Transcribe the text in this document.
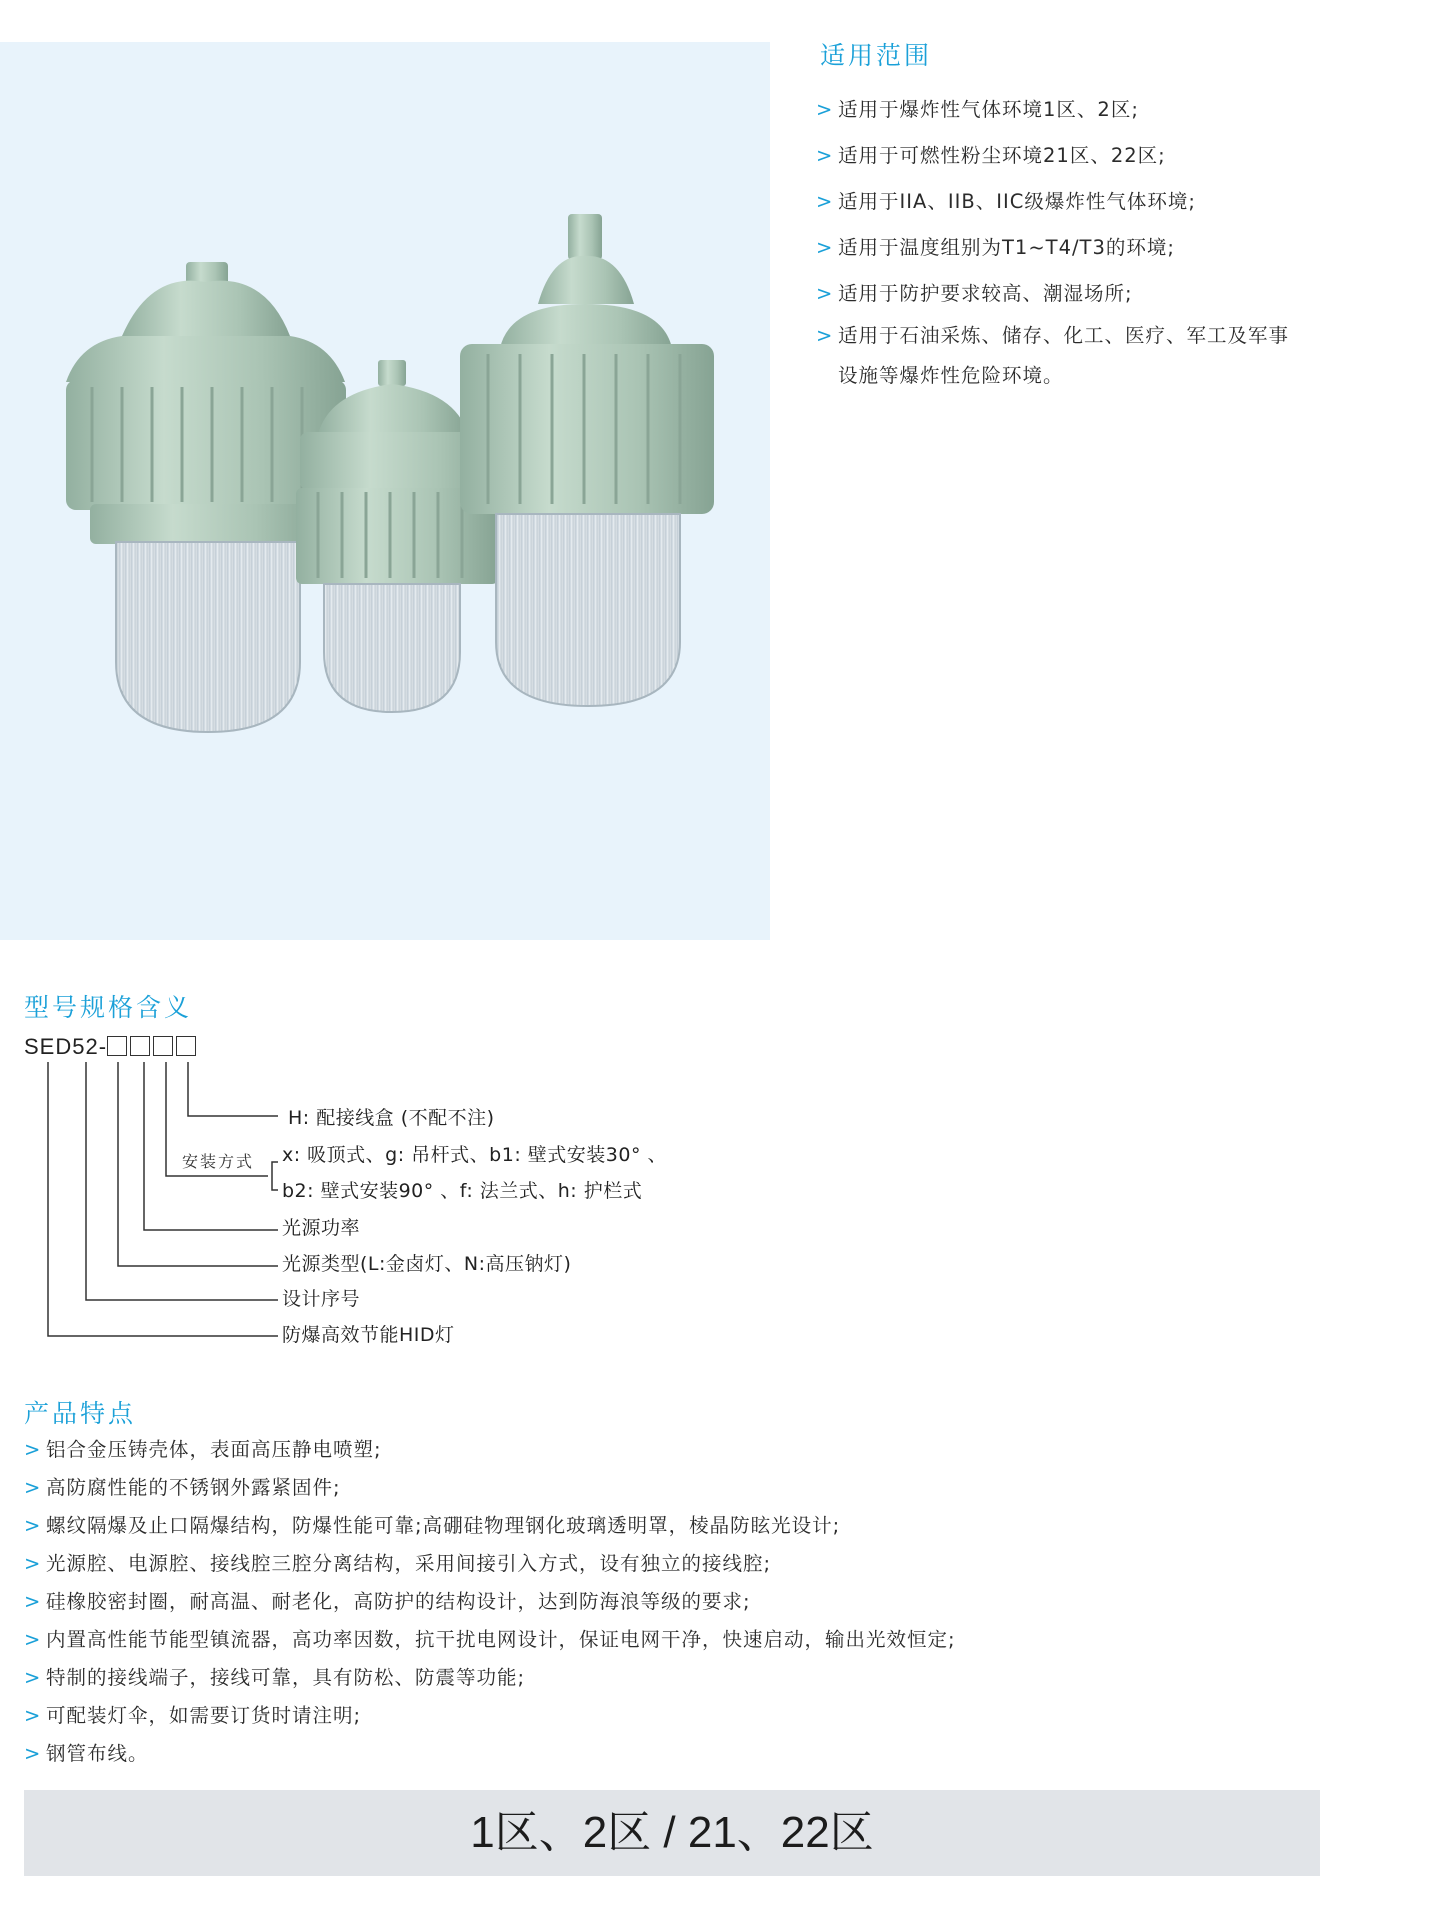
适用范围
> 适用于爆炸性气体环境1区、2区;
> 适用于可燃性粉尘环境21区、22区;
> 适用于IIA、IIB、IIC级爆炸性气体环境;
> 适用于温度组别为T1~T4/T3的环境;
> 适用于防护要求较高、潮湿场所;
> 适用于石油采炼、储存、化工、医疗、军工及军事
设施等爆炸性危险环境。
型号规格含义
SED52-
安装方式
H: 配接线盒 (不配不注)
x: 吸顶式、g: 吊杆式、b1: 壁式安装30° 、
b2: 壁式安装90° 、f: 法兰式、h: 护栏式
光源功率
光源类型(L:金卤灯、N:高压钠灯)
设计序号
防爆高效节能HID灯
产品特点
> 铝合金压铸壳体，表面高压静电喷塑;
> 高防腐性能的不锈钢外露紧固件;
> 螺纹隔爆及止口隔爆结构，防爆性能可靠;高硼硅物理钢化玻璃透明罩，棱晶防眩光设计;
> 光源腔、电源腔、接线腔三腔分离结构，采用间接引入方式，设有独立的接线腔;
> 硅橡胶密封圈，耐高温、耐老化，高防护的结构设计，达到防海浪等级的要求;
> 内置高性能节能型镇流器，高功率因数，抗干扰电网设计，保证电网干净，快速启动，输出光效恒定;
> 特制的接线端子，接线可靠，具有防松、防震等功能;
> 可配装灯伞，如需要订货时请注明;
> 钢管布线。
1区、2区 / 21、22区
